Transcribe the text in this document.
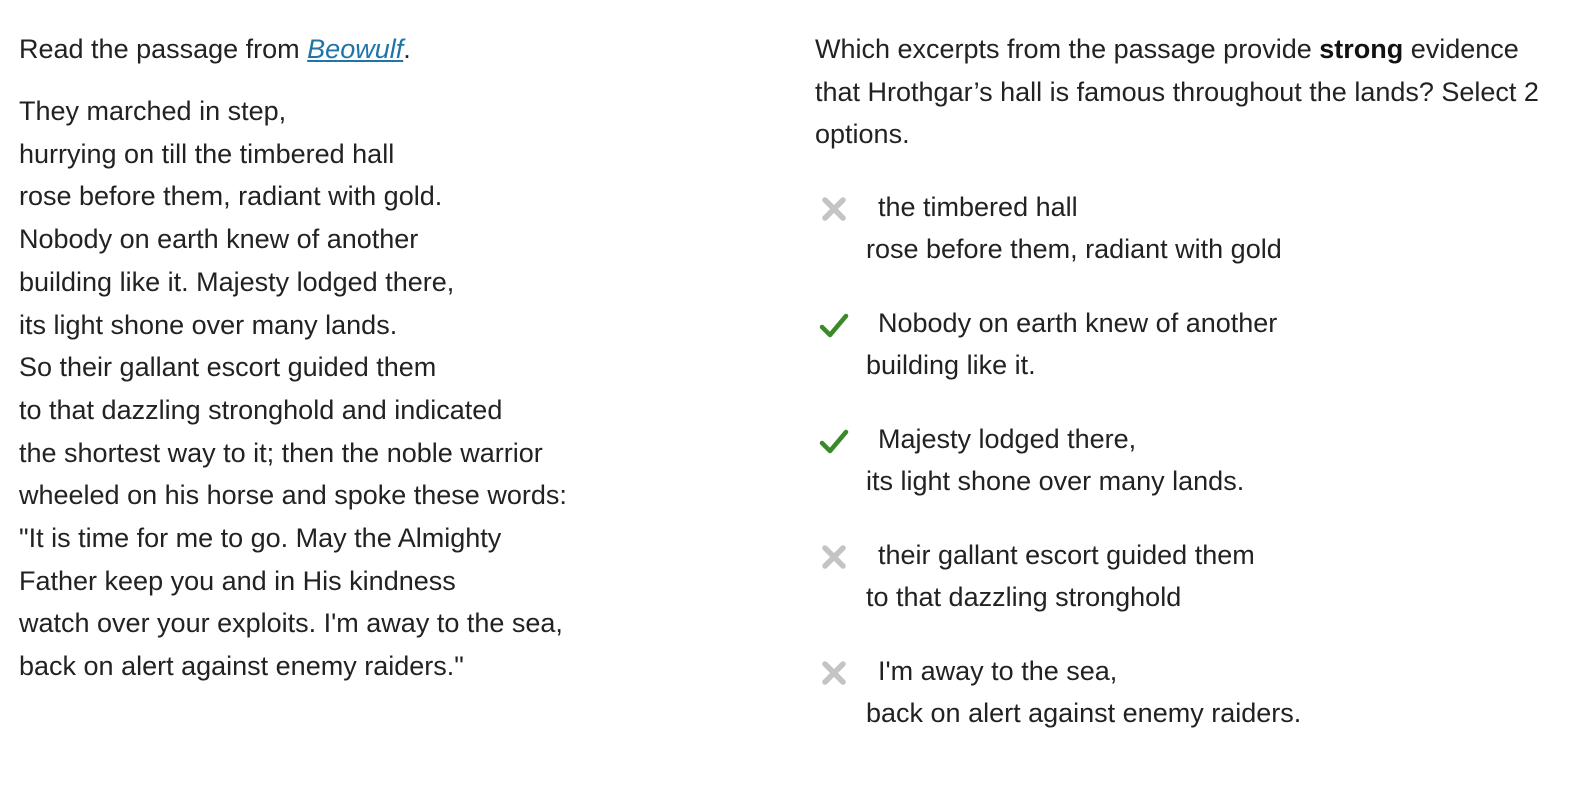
Read the passage from Beowulf.

They marched in step,
hurrying on till the timbered hall
rose before them, radiant with gold.
Nobody on earth knew of another
building like it. Majesty lodged there,
its light shone over many lands.
So their gallant escort guided them
to that dazzling stronghold and indicated
the shortest way to it; then the noble warrior
wheeled on his horse and spoke these words:
"It is time for me to go. May the Almighty
Father keep you and in His kindness
watch over your exploits. I'm away to the sea,
back on alert against enemy raiders."

Which excerpts from the passage provide strong evidence that Hrothgar’s hall is famous throughout the lands? Select 2 options.

the timbered hall
rose before them, radiant with gold
Nobody on earth knew of another
building like it.
Majesty lodged there,
its light shone over many lands.
their gallant escort guided them
to that dazzling stronghold
I'm away to the sea,
back on alert against enemy raiders.
